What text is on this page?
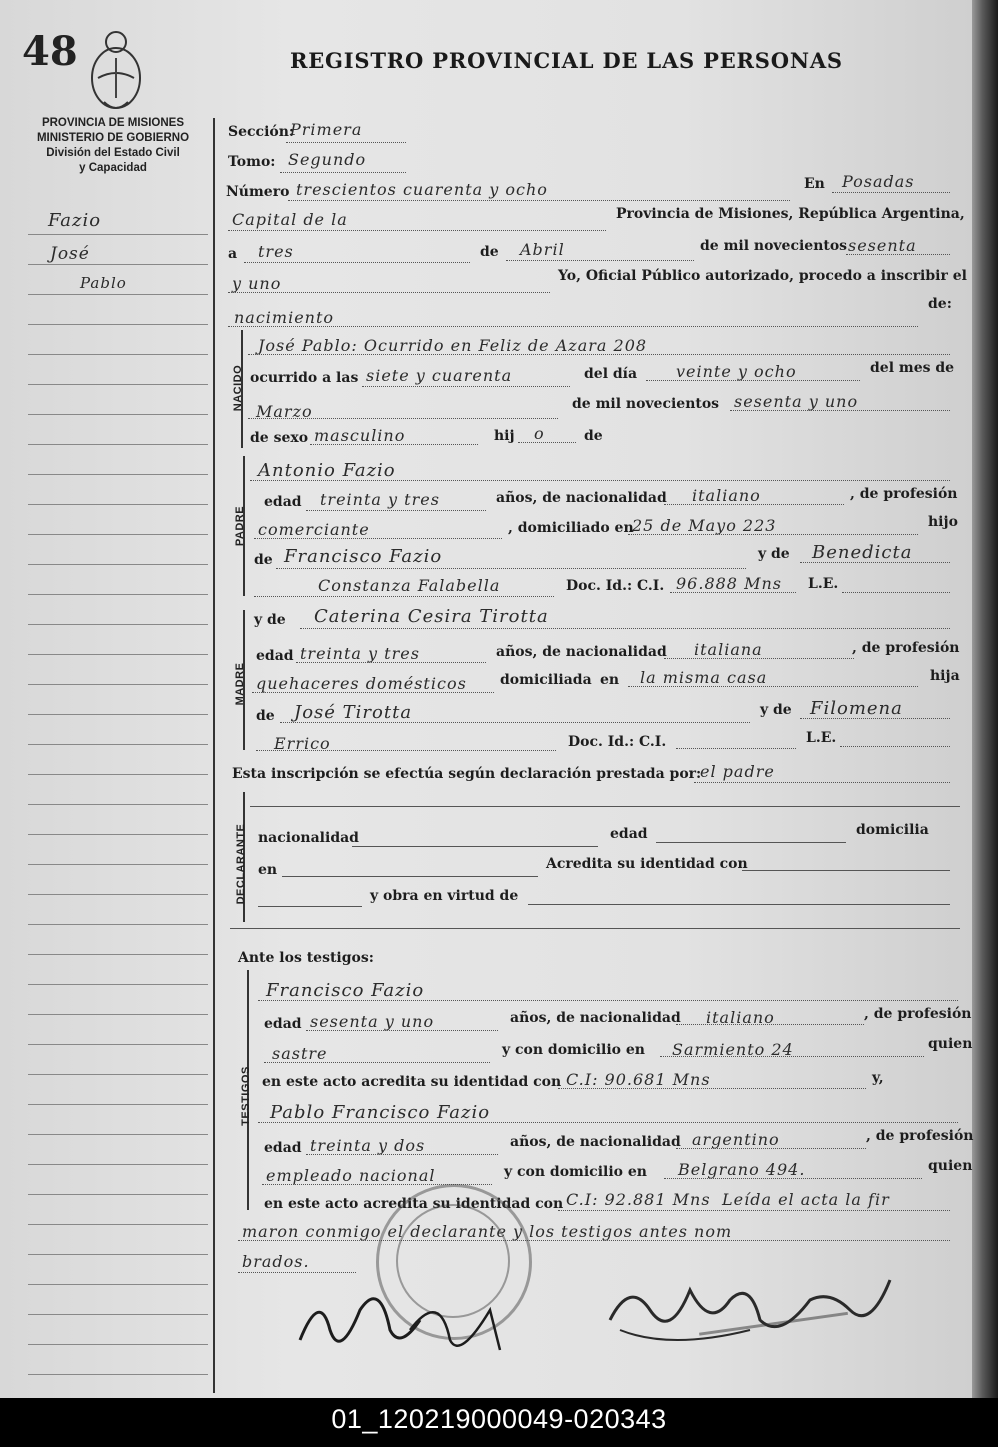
48	REGISTRO PROVINCIAL DE LAS PERSONAS
PROVINCIA DE MISIONES
MINISTERIO DE GOBIERNO
División del Estado Civil
y Capacidad
Fazio
José
Pablo
Sección:
Primera
Tomo: Segundo
Número trescientos cuarenta y ocho	En Posadas
Capital de la	Provincia de Misiones, República Argentina,
a tres	de Abril	de mil novecientos sesenta
y uno	Yo, Oficial Público autorizado, procedo a inscribir el
nacimiento
de:
NACIDO
José Pablo: Ocurrido en Feliz de Azara 208
ocurrido a las siete y cuarenta	del día veinte y ocho	del mes de
Marzo	de mil novecientos sesenta y uno
de sexo masculino	hij o	de
PADRE
Antonio Fazio
edad treinta y tres	años, de nacionalidad italiano	, de profesión
comerciante	, domiciliado en
25 de Mayo 223	hijo
de Francisco Fazio	y de Benedicta
Constanza Falabella	Doc. Id.: C.I. 96.888 Mns L.E.
MADRE
y de Caterina Cesira Tirotta
edad treinta y tres	años, de nacionalidad italiana	, de profesión
quehaceres domésticos domiciliada en la misma casa	hija
de José Tirotta	y de Filomena
Errico	Doc. Id.: C.I.	L.E.
Esta inscripción se efectúa según declaración prestada por:
el padre
DECLARANTE nacionalidad	edad	domicilia
en	Acredita su identidad con
y obra en virtud de
Ante los testigos:
TESTIGOS
Francisco Fazio
edad sesenta y uno	años, de nacionalidad italiano	, de profesión
sastre	y con domicilio en Sarmiento 24	quien
en este acto acredita su identidad con C.I: 90.681 Mns	y,
Pablo Francisco Fazio
edad treinta y dos	años, de nacionalidad argentino	, de profesión
empleado nacional	y con domicilio en Belgrano 494.	quien
en este acto acredita su identidad con C.I: 92.881 Mns Leída el acta la fir
maron conmigo el declarante y los testigos antes nom
brados.
01_120219000049-020343
